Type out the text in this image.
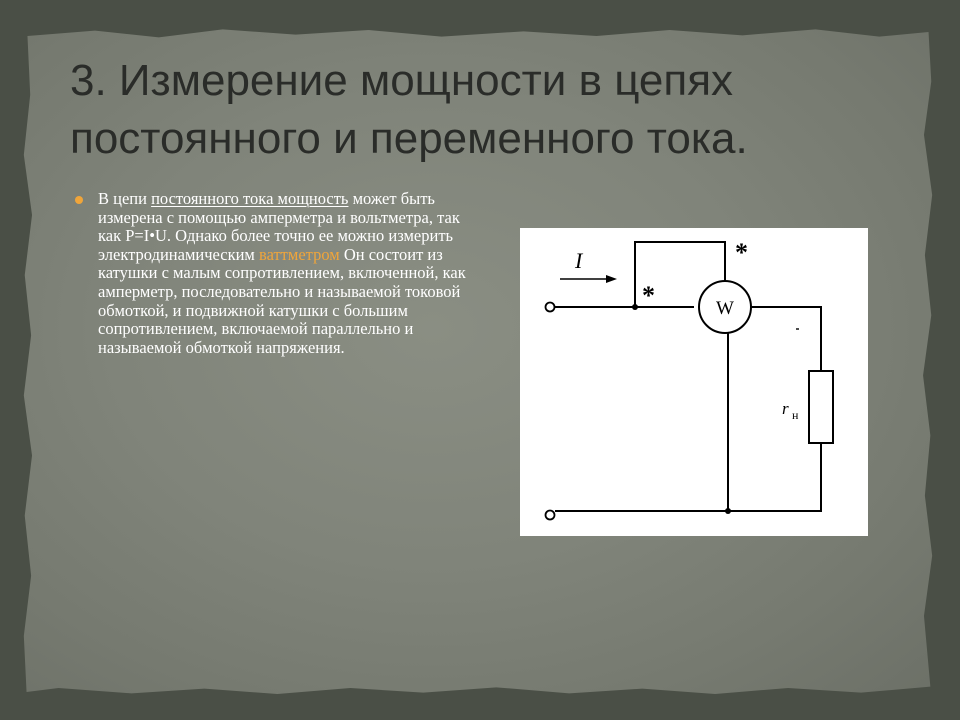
3. Измерение мощности в цепях
постоянного и переменного тока.

В цепи постоянного тока мощность может быть измерена с помощью амперметра и вольтметра, так как P=I•U. Однако более точно ее можно измерить электродинамическим ваттметром Он состоит из катушки с малым сопротивлением, включенной, как амперметр, последовательно и называемой токовой обмоткой, и подвижной катушки с большим сопротивлением, включаемой параллельно и называемой обмоткой напряжения.

W
r н
I	*
*
